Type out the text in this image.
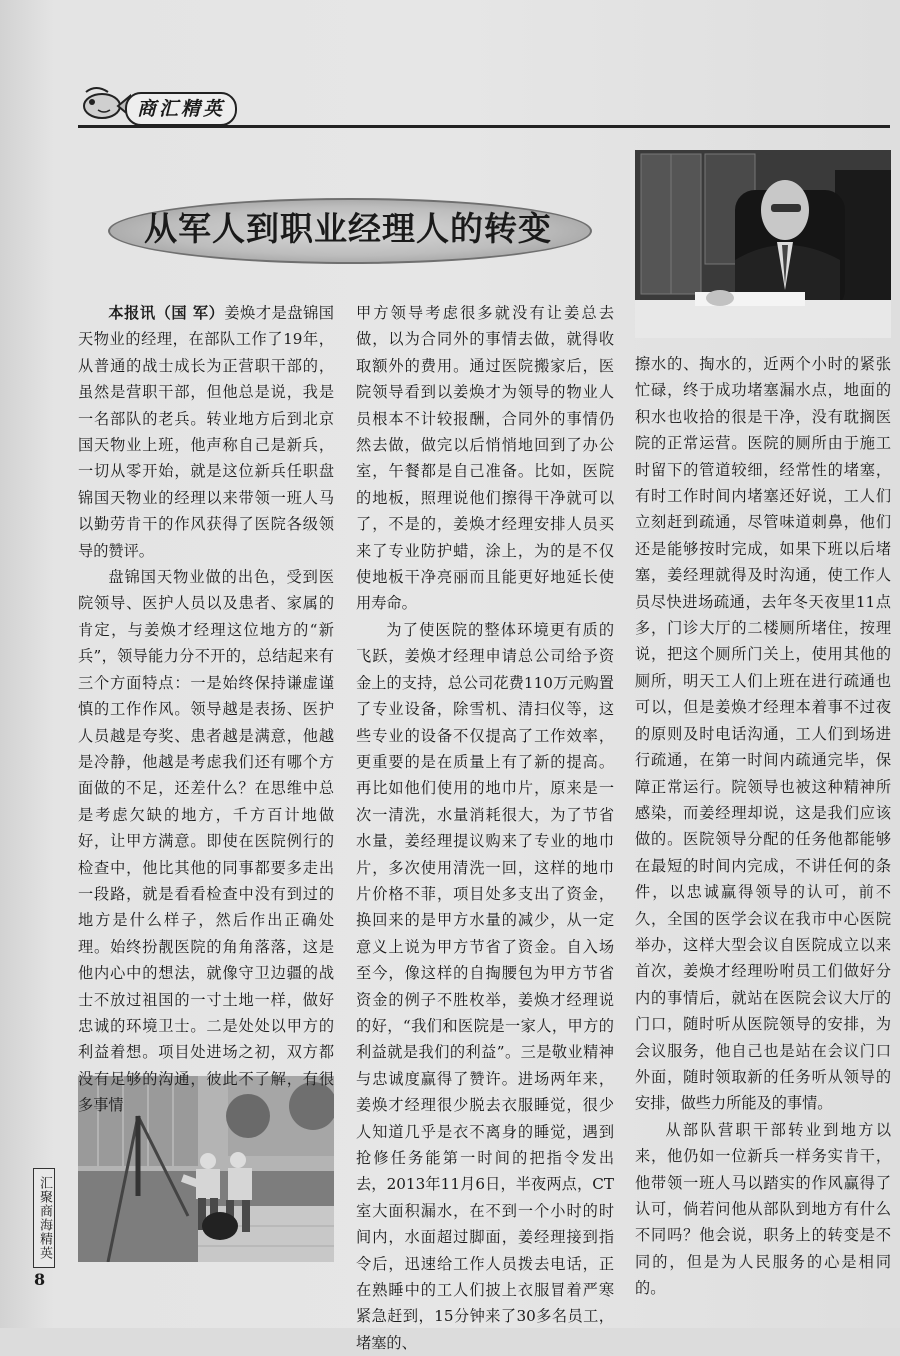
商汇精英
从军人到职业经理人的转变

本报讯（国 军）姜焕才是盘锦国天物业的经理，在部队工作了19年，从普通的战士成长为正营职干部的，虽然是营职干部，但他总是说，我是一名部队的老兵。转业地方后到北京国天物业上班，他声称自己是新兵，一切从零开始，就是这位新兵任职盘锦国天物业的经理以来带领一班人马以勤劳肯干的作风获得了医院各级领导的赞评。

盘锦国天物业做的出色，受到医院领导、医护人员以及患者、家属的肯定，与姜焕才经理这位地方的“新兵”，领导能力分不开的，总结起来有三个方面特点：一是始终保持谦虚谨慎的工作作风。领导越是表扬、医护人员越是夸奖、患者越是满意，他越是冷静，他越是考虑我们还有哪个方面做的不足，还差什么？在思维中总是考虑欠缺的地方，千方百计地做好，让甲方满意。即使在医院例行的检查中，他比其他的同事都要多走出一段路，就是看看检查中没有到过的地方是什么样子，然后作出正确处理。始终扮靓医院的角角落落，这是他内心中的想法，就像守卫边疆的战士不放过祖国的一寸土地一样，做好忠诚的环境卫士。二是处处以甲方的利益着想。项目处进场之初，双方都没有足够的沟通，彼此不了解，有很多事情

甲方领导考虑很多就没有让姜总去做，以为合同外的事情去做，就得收取额外的费用。通过医院搬家后，医院领导看到以姜焕才为领导的物业人员根本不计较报酬，合同外的事情仍然去做，做完以后悄悄地回到了办公室，午餐都是自己准备。比如，医院的地板，照理说他们擦得干净就可以了，不是的，姜焕才经理安排人员买来了专业防护蜡，涂上，为的是不仅使地板干净亮丽而且能更好地延长使用寿命。

为了使医院的整体环境更有质的飞跃，姜焕才经理申请总公司给予资金上的支持，总公司花费110万元购置了专业设备，除雪机、清扫仪等，这些专业的设备不仅提高了工作效率，更重要的是在质量上有了新的提高。再比如他们使用的地巾片，原来是一次一清洗，水量消耗很大，为了节省水量，姜经理提议购来了专业的地巾片，多次使用清洗一回，这样的地巾片价格不菲，项目处多支出了资金，换回来的是甲方水量的减少，从一定意义上说为甲方节省了资金。自入场至今，像这样的自掏腰包为甲方节省资金的例子不胜枚举，姜焕才经理说的好，“我们和医院是一家人，甲方的利益就是我们的利益”。三是敬业精神与忠诚度赢得了赞许。进场两年来，姜焕才经理很少脱去衣服睡觉，很少人知道几乎是衣不离身的睡觉，遇到抢修任务能第一时间的把指令发出去，2013年11月6日，半夜两点，CT室大面积漏水，在不到一个小时的时间内，水面超过脚面，姜经理接到指令后，迅速给工作人员拨去电话，正在熟睡中的工人们披上衣服冒着严寒紧急赶到，15分钟来了30多名员工，堵塞的、

擦水的、掏水的，近两个小时的紧张忙碌，终于成功堵塞漏水点，地面的积水也收拾的很是干净，没有耽搁医院的正常运营。医院的厕所由于施工时留下的管道较细，经常性的堵塞，有时工作时间内堵塞还好说，工人们立刻赶到疏通，尽管味道刺鼻，他们还是能够按时完成，如果下班以后堵塞，姜经理就得及时沟通，使工作人员尽快进场疏通，去年冬天夜里11点多，门诊大厅的二楼厕所堵住，按理说，把这个厕所门关上，使用其他的厕所，明天工人们上班在进行疏通也可以，但是姜焕才经理本着事不过夜的原则及时电话沟通，工人们到场进行疏通，在第一时间内疏通完毕，保障正常运行。院领导也被这种精神所感染，而姜经理却说，这是我们应该做的。医院领导分配的任务他都能够在最短的时间内完成，不讲任何的条件，以忠诚赢得领导的认可，前不久，全国的医学会议在我市中心医院举办，这样大型会议自医院成立以来首次，姜焕才经理吩咐员工们做好分内的事情后，就站在医院会议大厅的门口，随时听从医院领导的安排，为会议服务，他自己也是站在会议门口外面，随时领取新的任务听从领导的安排，做些力所能及的事情。

从部队营职干部转业到地方以来，他仍如一位新兵一样务实肯干，他带领一班人马以踏实的作风赢得了认可，倘若问他从部队到地方有什么不同吗？他会说，职务上的转变是不同的，但是为人民服务的心是相同的。

汇聚商海精英
8
